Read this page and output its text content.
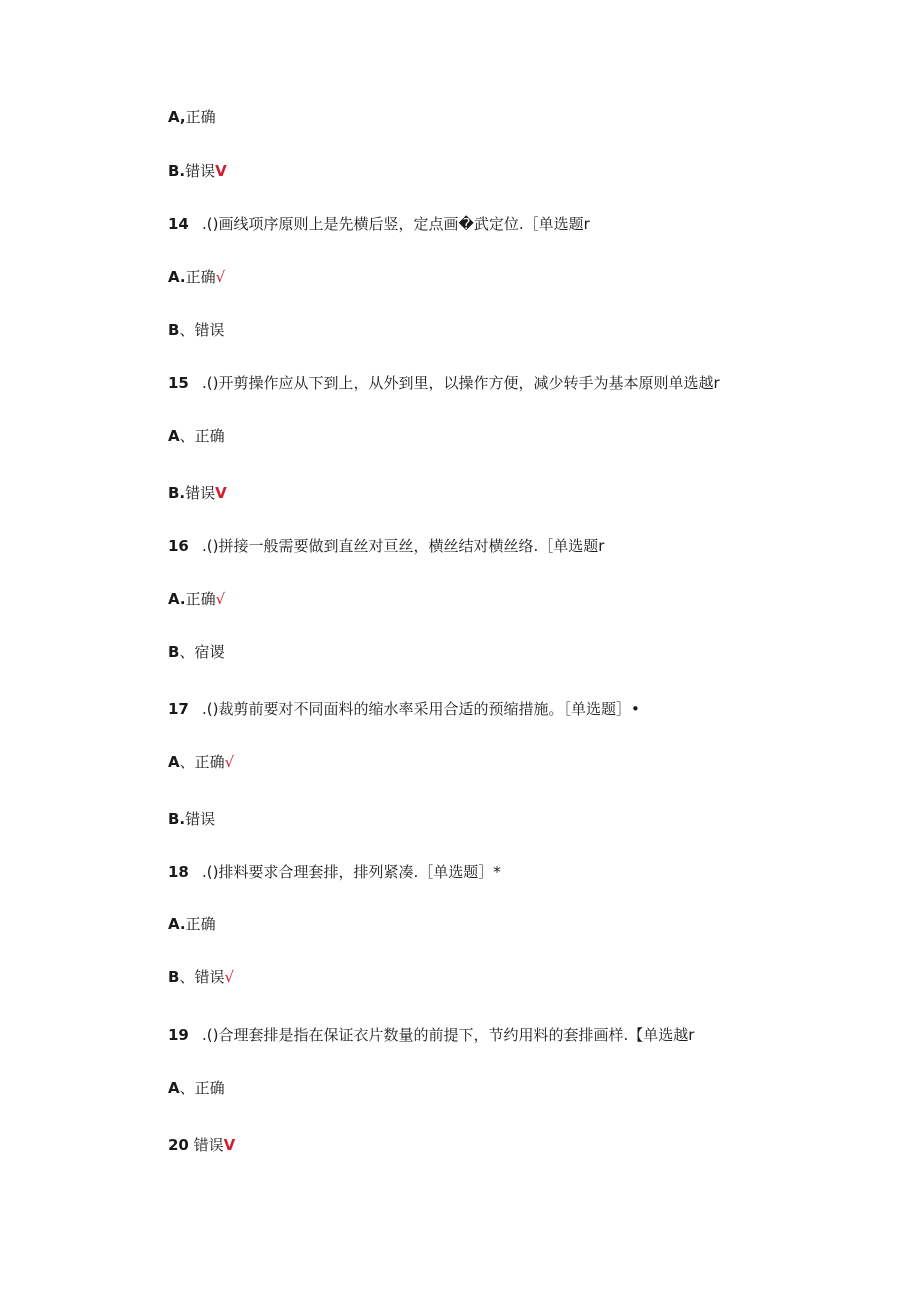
A,正确
B.错误V
14 .()画线项序原则上是先横后竖，定点画�武定位.［单选题r
A.正确√
B、错误
15 .()开剪操作应从下到上，从外到里，以操作方便，减少转手为基本原则单选越r
A、正确
B.错误V
16 .()拼接一般需要做到直丝对亘丝，横丝结对横丝络.［单选题r
A.正确√
B、宿谡
17 .()裁剪前要对不同面料的缩水率采用合适的预缩措施。［单选题］•
A、正确√
B.错误
18 .()排料要求合理套排，排列紧凑.［单选题］*
A.正确
B、错误√
19 .()合理套排是指在保证衣片数量的前提下，节约用料的套排画样.【单选越r
A、正确
20 错误V
